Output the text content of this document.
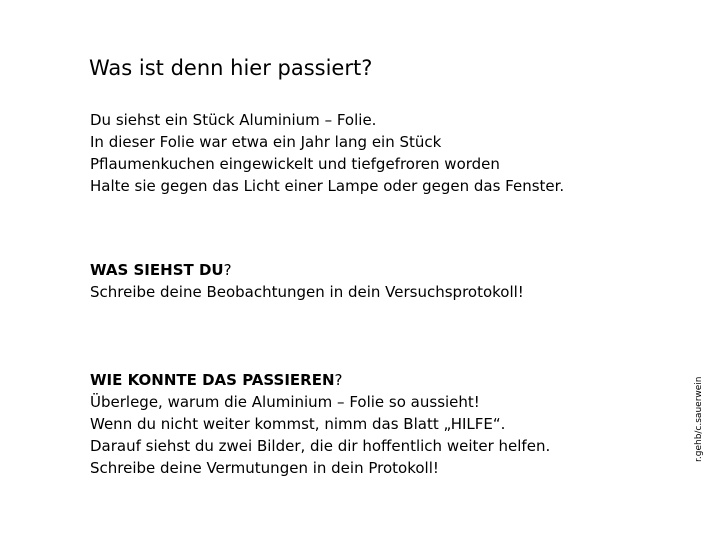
Was ist denn hier passiert?
Du siehst ein Stück Aluminium – Folie.
In dieser Folie war etwa ein Jahr lang ein Stück
Pflaumenkuchen eingewickelt und tiefgefroren worden
Halte sie gegen das Licht einer Lampe oder gegen das Fenster.
WAS SIEHST DU?
Schreibe deine Beobachtungen in dein Versuchsprotokoll!
WIE KONNTE DAS PASSIEREN?
Überlege, warum die Aluminium – Folie so aussieht!
Wenn du nicht weiter kommst, nimm das Blatt „HILFE“.
Darauf siehst du zwei Bilder, die dir hoffentlich weiter helfen.
Schreibe deine Vermutungen in dein Protokoll!
r.gehb/c.sauerwein
